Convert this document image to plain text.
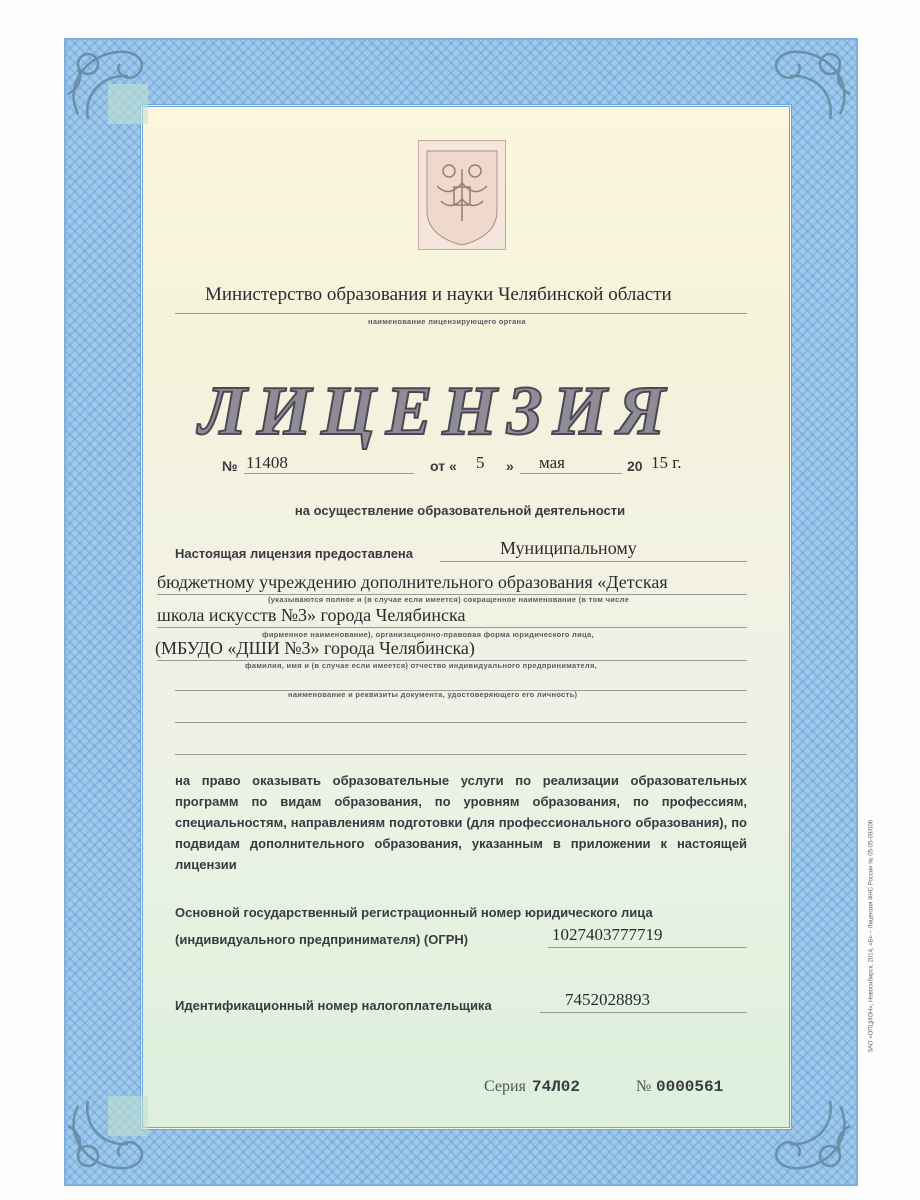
Министерство образования и науки Челябинской области
наименование лицензирующего органа
ЛИЦЕНЗИЯ
№ 11408	от « 5 » мая	20 15 г.
на осуществление образовательной деятельности
Настоящая лицензия предоставлена	Муниципальному
бюджетному учреждению дополнительного образования «Детская
(указываются полное и (в случае если имеется) сокращенное наименование (в том числе
школа искусств №3» города Челябинска
фирменное наименование), организационно-правовая форма юридического лица,
(МБУДО «ДШИ №3» города Челябинска)
фамилия, имя и (в случае если имеется) отчество индивидуального предпринимателя,
наименование и реквизиты документа, удостоверяющего его личность)
на право оказывать образовательные услуги по реализации образовательных программ по видам образования, по уровням образования, по профессиям, специальностям, направлениям подготовки (для профессионального образования), по подвидам дополнительного образования, указанным в приложении к настоящей лицензии
Основной государственный регистрационный номер юридического лица
(индивидуального предпринимателя) (ОГРН)	1027403777719
Идентификационный номер налогоплательщика	7452028893
Серия 74Л02	№ 0000561
ЗАО «ОПЦИОН», Новосибирск, 2014, «Б» – Лицензия ФНС России № 05-05-09/006
